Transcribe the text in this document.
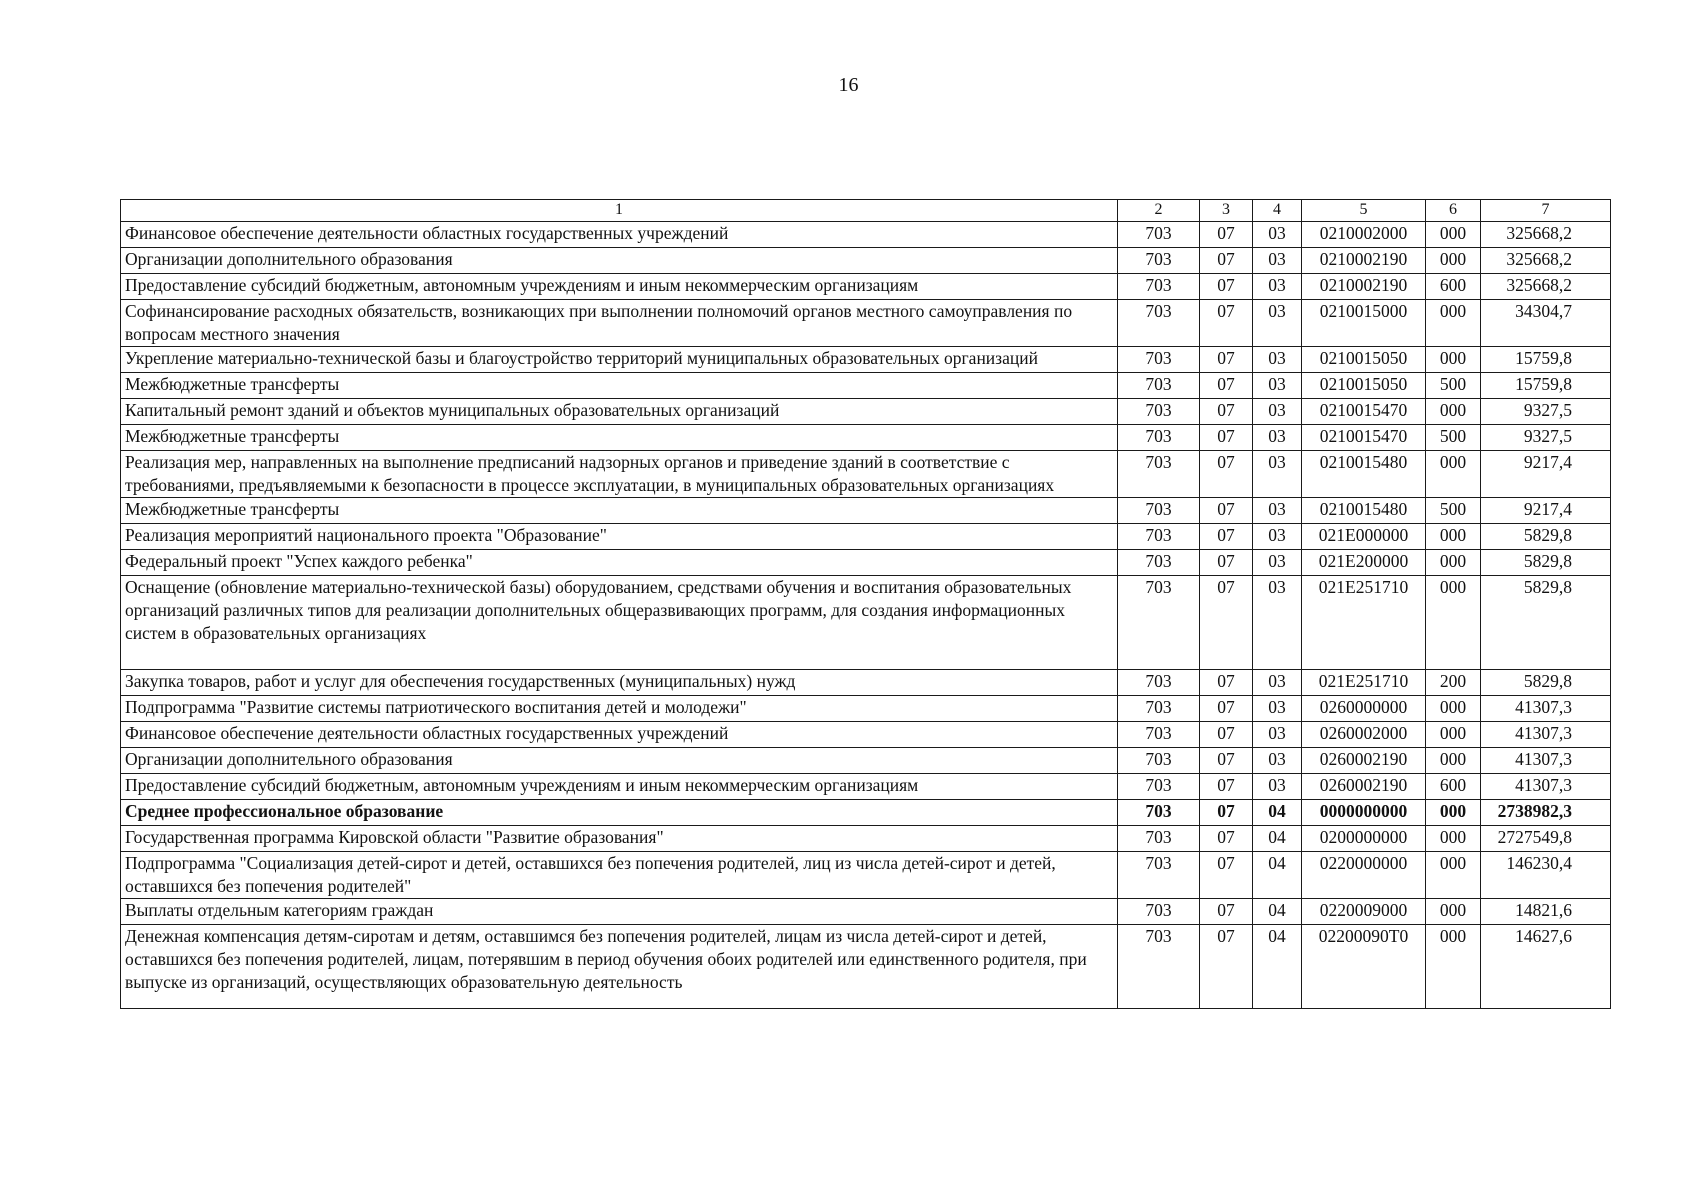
16
1	2	3	4	5	6	7
Финансовое обеспечение деятельности областных государственных учреждений	703	07	03	0210002000	000	325668,2
Организации дополнительного образования	703	07	03	0210002190	000	325668,2
Предоставление субсидий бюджетным, автономным учреждениям и иным некоммерческим организациям	703	07	03	0210002190	600	325668,2
Софинансирование расходных обязательств, возникающих при выполнении полномочий органов местного самоуправления по вопросам местного значения	703	07	03	0210015000	000	34304,7
Укрепление материально-технической базы и благоустройство территорий муниципальных образовательных организаций	703	07	03	0210015050	000	15759,8
Межбюджетные трансферты	703	07	03	0210015050	500	15759,8
Капитальный ремонт зданий и объектов муниципальных образовательных организаций	703	07	03	0210015470	000	9327,5
Межбюджетные трансферты	703	07	03	0210015470	500	9327,5
Реализация мер, направленных на выполнение предписаний надзорных органов и приведение зданий в соответствие с требованиями, предъявляемыми к безопасности в процессе эксплуатации, в муниципальных образовательных организациях	703	07	03	0210015480	000	9217,4
Межбюджетные трансферты	703	07	03	0210015480	500	9217,4
Реализация мероприятий национального проекта "Образование"	703	07	03	021E000000	000	5829,8
Федеральный проект "Успех каждого ребенка"	703	07	03	021E200000	000	5829,8
Оснащение (обновление материально-технической базы) оборудованием, средствами обучения и воспитания образовательных организаций различных типов для реализации дополнительных общеразвивающих программ, для создания информационных систем в образовательных организациях	703	07	03	021E251710	000	5829,8
Закупка товаров, работ и услуг для обеспечения государственных (муниципальных) нужд	703	07	03	021E251710	200	5829,8
Подпрограмма "Развитие системы патриотического воспитания детей и молодежи"	703	07	03	0260000000	000	41307,3
Финансовое обеспечение деятельности областных государственных учреждений	703	07	03	0260002000	000	41307,3
Организации дополнительного образования	703	07	03	0260002190	000	41307,3
Предоставление субсидий бюджетным, автономным учреждениям и иным некоммерческим организациям	703	07	03	0260002190	600	41307,3
Среднее профессиональное образование	703	07	04	0000000000	000	2738982,3
Государственная программа Кировской области "Развитие образования"	703	07	04	0200000000	000	2727549,8
Подпрограмма "Социализация детей-сирот и детей, оставшихся без попечения родителей, лиц из числа детей-сирот и детей, оставшихся без попечения родителей"	703	07	04	0220000000	000	146230,4
Выплаты отдельным категориям граждан	703	07	04	0220009000	000	14821,6
Денежная компенсация детям-сиротам и детям, оставшимся без попечения родителей, лицам из числа детей-сирот и детей, оставшихся без попечения родителей, лицам, потерявшим в период обучения обоих родителей или единственного родителя, при выпуске из организаций, осуществляющих образовательную деятельность	703	07	04	02200090Т0	000	14627,6
